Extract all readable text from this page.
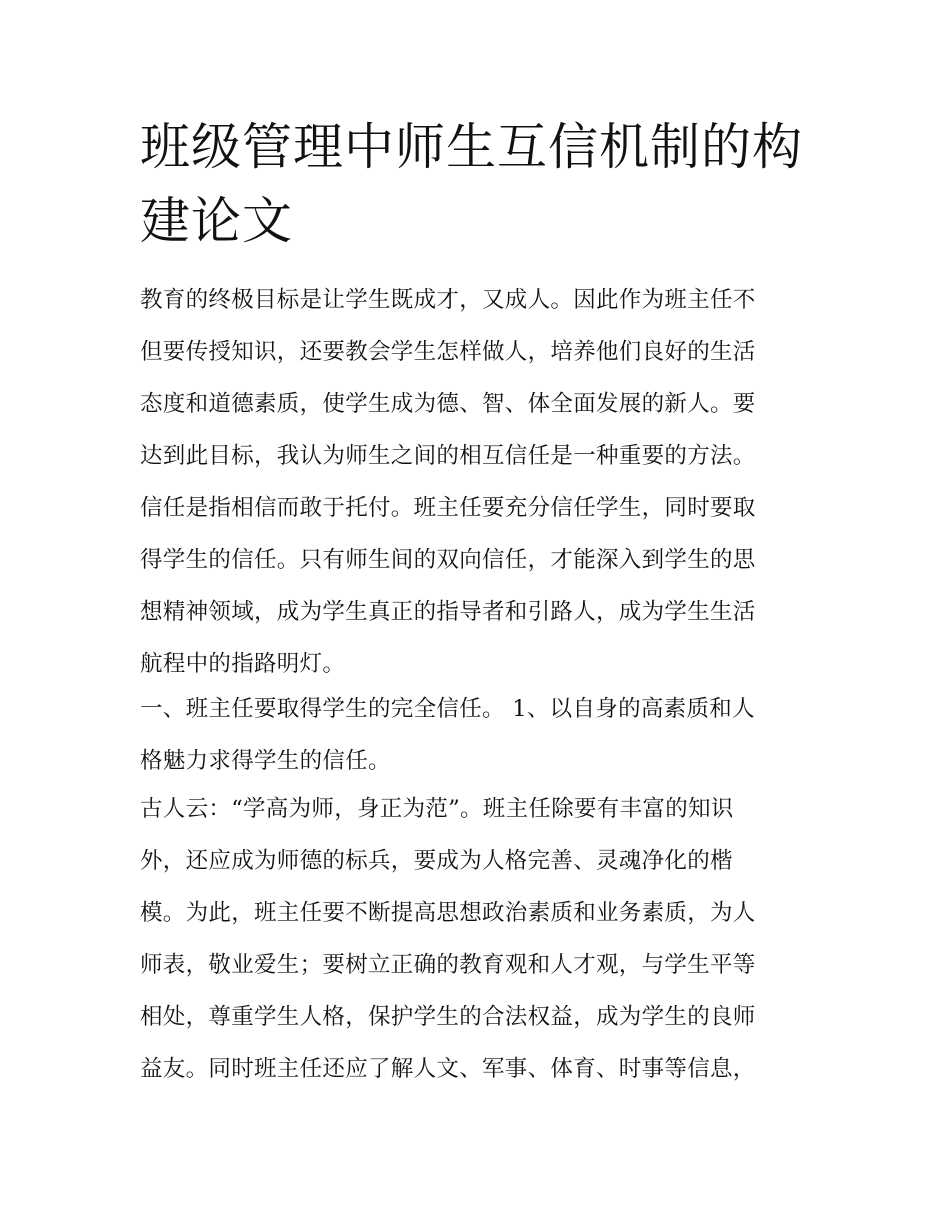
班级管理中师生互信机制的构
建论文

教育的终极目标是让学生既成才，又成人。因此作为班主任不

但要传授知识，还要教会学生怎样做人，培养他们良好的生活

态度和道德素质，使学生成为德、智、体全面发展的新人。要

达到此目标，我认为师生之间的相互信任是一种重要的方法。

信任是指相信而敢于托付。班主任要充分信任学生，同时要取

得学生的信任。只有师生间的双向信任，才能深入到学生的思

想精神领域，成为学生真正的指导者和引路人，成为学生生活

航程中的指路明灯。

一、班主任要取得学生的完全信任。 1、以自身的高素质和人

格魅力求得学生的信任。

古人云：“学高为师，身正为范”。班主任除要有丰富的知识

外，还应成为师德的标兵，要成为人格完善、灵魂净化的楷

模。为此，班主任要不断提高思想政治素质和业务素质，为人

师表，敬业爱生；要树立正确的教育观和人才观，与学生平等

相处，尊重学生人格，保护学生的合法权益，成为学生的良师

益友。同时班主任还应了解人文、军事、体育、时事等信息，
